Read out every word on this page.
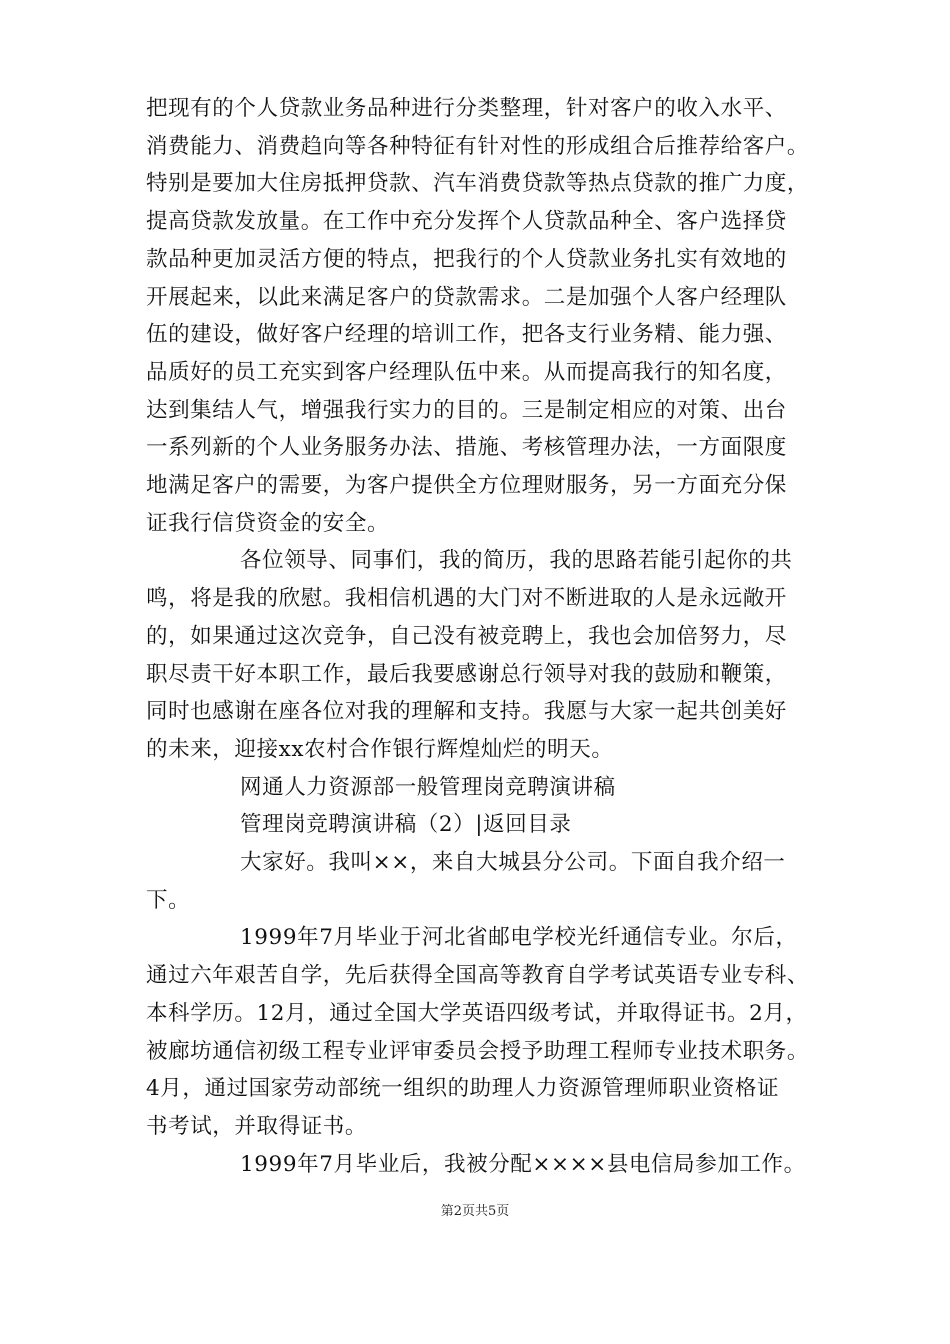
把现有的个人贷款业务品种进行分类整理，针对客户的收入水平、
消费能力、消费趋向等各种特征有针对性的形成组合后推荐给客户。
特别是要加大住房抵押贷款、汽车消费贷款等热点贷款的推广力度，
提高贷款发放量。在工作中充分发挥个人贷款品种全、客户选择贷
款品种更加灵活方便的特点，把我行的个人贷款业务扎实有效地的
开展起来，以此来满足客户的贷款需求。二是加强个人客户经理队
伍的建设，做好客户经理的培训工作，把各支行业务精、能力强、
品质好的员工充实到客户经理队伍中来。从而提高我行的知名度，
达到集结人气，增强我行实力的目的。三是制定相应的对策、出台
一系列新的个人业务服务办法、措施、考核管理办法，一方面限度
地满足客户的需要，为客户提供全方位理财服务，另一方面充分保
证我行信贷资金的安全。
各位领导、同事们，我的简历，我的思路若能引起你的共
鸣，将是我的欣慰。我相信机遇的大门对不断进取的人是永远敞开
的，如果通过这次竞争，自己没有被竞聘上，我也会加倍努力，尽
职尽责干好本职工作，最后我要感谢总行领导对我的鼓励和鞭策，
同时也感谢在座各位对我的理解和支持。我愿与大家一起共创美好
的未来，迎接xx农村合作银行辉煌灿烂的明天。
网通人力资源部一般管理岗竞聘演讲稿
管理岗竞聘演讲稿（2）|返回目录
大家好。我叫××，来自大城县分公司。下面自我介绍一
下。
1999年7月毕业于河北省邮电学校光纤通信专业。尔后，
通过六年艰苦自学，先后获得全国高等教育自学考试英语专业专科、
本科学历。12月，通过全国大学英语四级考试，并取得证书。2月，
被廊坊通信初级工程专业评审委员会授予助理工程师专业技术职务。
4月，通过国家劳动部统一组织的助理人力资源管理师职业资格证
书考试，并取得证书。
1999年7月毕业后，我被分配××××县电信局参加工作。
第2页共5页
